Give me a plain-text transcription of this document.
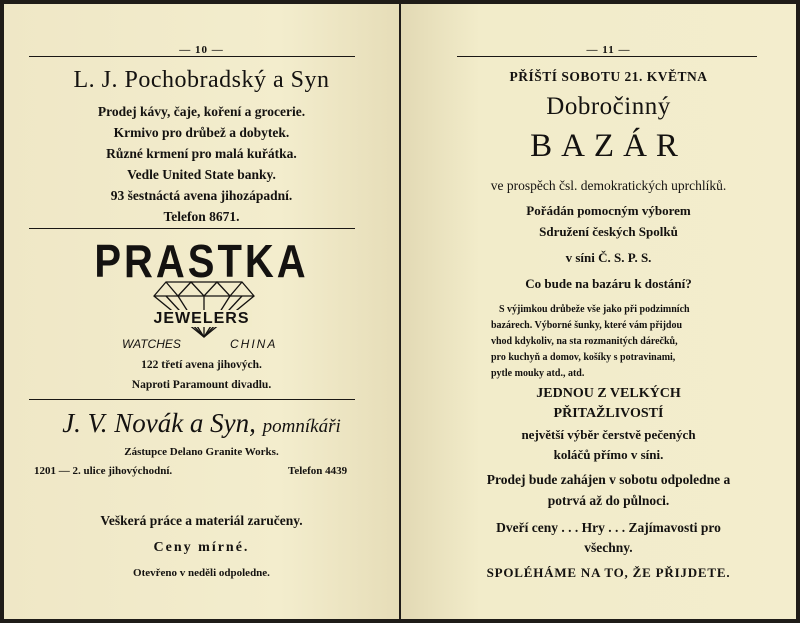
— 10 —
L. J. Pochobradský a Syn
Prodej kávy, čaje, koření a grocerie.
Krmivo pro drůbež a dobytek.
Různé krmení pro malá kuřátka.
Vedle United State banky.
93 šestnáctá avena jihozápadní.
Telefon 8671.
PRASTKA
JEWELERS
WATCHES	CHINA
122 třetí avena jihových.
Naproti Paramount divadlu.
J. V. Novák a Syn, pomníkáři
Zástupce Delano Granite Works.
1201 — 2. ulice jihovýchodní.	Telefon 4439
Veškerá práce a materiál zaručeny.
Ceny mírné.
Otevřeno v neděli odpoledne.
— 11 —
PŘÍŠTÍ SOBOTU 21. KVĚTNA
Dobročinný
BAZÁR
ve prospěch čsl. demokratických uprchlíků.
Pořádán pomocným výborem
Sdružení českých Spolků
v síni Č. S. P. S.
Co bude na bazáru k dostání?
S výjimkou drůbeže vše jako při podzimních
bazárech. Výborné šunky, které vám přijdou
vhod kdykoliv, na sta rozmanitých dárečků,
pro kuchyň a domov, košíky s potravinami,
pytle mouky atd., atd.
JEDNOU Z VELKÝCH
PŘITAŽLIVOSTÍ
největší výběr čerstvě pečených
koláčů přímo v síni.
Prodej bude zahájen v sobotu odpoledne a
potrvá až do půlnoci.
Dveří ceny . . . Hry . . . Zajímavosti pro
všechny.
SPOLÉHÁME NA TO, ŽE PŘIJDETE.
